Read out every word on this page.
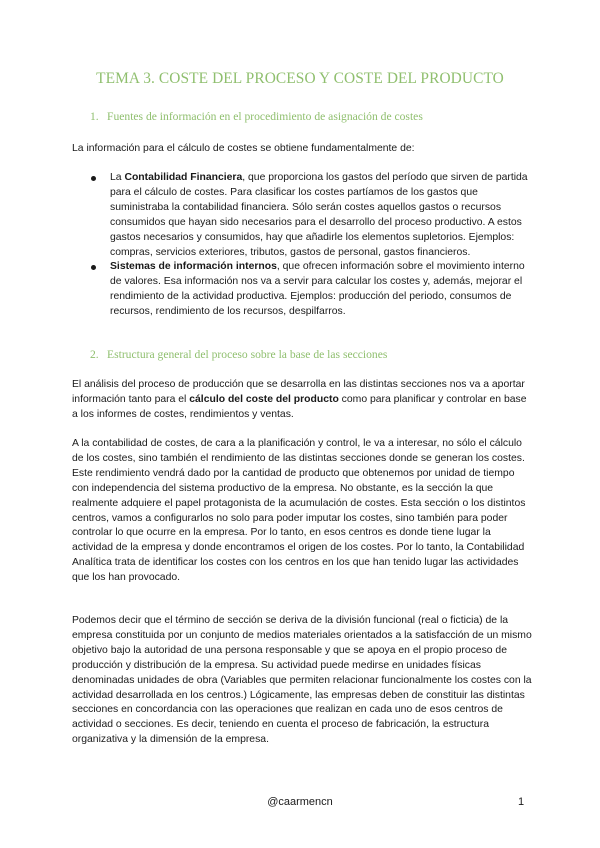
TEMA 3. COSTE DEL PROCESO Y COSTE DEL PRODUCTO
1. Fuentes de información en el procedimiento de asignación de costes

La información para el cálculo de costes se obtiene fundamentalmente de:

La Contabilidad Financiera, que proporciona los gastos del período que sirven de partida para el cálculo de costes. Para clasificar los costes partíamos de los gastos que suministraba la contabilidad financiera. Sólo serán costes aquellos gastos o recursos consumidos que hayan sido necesarios para el desarrollo del proceso productivo. A estos gastos necesarios y consumidos, hay que añadirle los elementos supletorios. Ejemplos: compras, servicios exteriores, tributos, gastos de personal, gastos financieros.
Sistemas de información internos, que ofrecen información sobre el movimiento interno de valores. Esa información nos va a servir para calcular los costes y, además, mejorar el rendimiento de la actividad productiva. Ejemplos: producción del periodo, consumos de recursos, rendimiento de los recursos, despilfarros.
2. Estructura general del proceso sobre la base de las secciones

El análisis del proceso de producción que se desarrolla en las distintas secciones nos va a aportar información tanto para el cálculo del coste del producto como para planificar y controlar en base a los informes de costes, rendimientos y ventas.

A la contabilidad de costes, de cara a la planificación y control, le va a interesar, no sólo el cálculo de los costes, sino también el rendimiento de las distintas secciones donde se generan los costes. Este rendimiento vendrá dado por la cantidad de producto que obtenemos por unidad de tiempo con independencia del sistema productivo de la empresa. No obstante, es la sección la que realmente adquiere el papel protagonista de la acumulación de costes. Esta sección o los distintos centros, vamos a configurarlos no solo para poder imputar los costes, sino también para poder controlar lo que ocurre en la empresa. Por lo tanto, en esos centros es donde tiene lugar la actividad de la empresa y donde encontramos el origen de los costes. Por lo tanto, la Contabilidad Analítica trata de identificar los costes con los centros en los que han tenido lugar las actividades que los han provocado.

Podemos decir que el término de sección se deriva de la división funcional (real o ficticia) de la empresa constituida por un conjunto de medios materiales orientados a la satisfacción de un mismo objetivo bajo la autoridad de una persona responsable y que se apoya en el propio proceso de producción y distribución de la empresa. Su actividad puede medirse en unidades físicas denominadas unidades de obra (Variables que permiten relacionar funcionalmente los costes con la actividad desarrollada en los centros.) Lógicamente, las empresas deben de constituir las distintas secciones en concordancia con las operaciones que realizan en cada uno de esos centros de actividad o secciones. Es decir, teniendo en cuenta el proceso de fabricación, la estructura organizativa y la dimensión de la empresa.

@caarmencn	1
